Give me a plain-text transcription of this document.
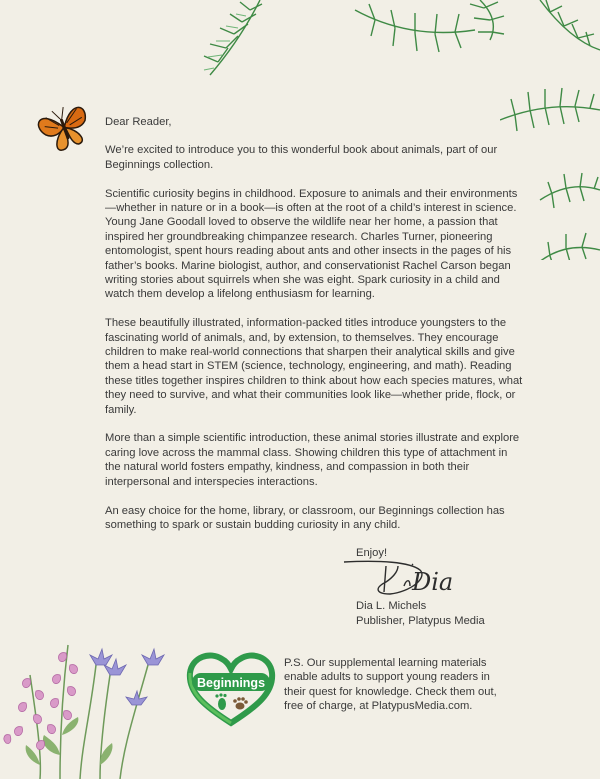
Dear Reader,

We’re excited to introduce you to this wonderful book about animals, part of our Beginnings collection.

Scientific curiosity begins in childhood. Exposure to animals and their environments—whether in nature or in a book—is often at the root of a child’s interest in science. Young Jane Goodall loved to observe the wildlife near her home, a passion that inspired her groundbreaking chimpanzee research. Charles Turner, pioneering entomologist, spent hours reading about ants and other insects in the pages of his father’s books. Marine biologist, author, and conservationist Rachel Carson began writing stories about squirrels when she was eight. Spark curiosity in a child and watch them develop a lifelong enthusiasm for learning.

These beautifully illustrated, information-packed titles introduce youngsters to the fascinating world of animals, and, by extension, to themselves. They encourage children to make real-world connections that sharpen their analytical skills and give them a head start in STEM (science, technology, engineering, and math). Reading these titles together inspires children to think about how each species matures, what they need to survive, and what their communities look like—whether pride, flock, or family.

More than a simple scientific introduction, these animal stories illustrate and explore caring love across the mammal class. Showing children this type of attachment in the natural world fosters empathy, kindness, and compassion in both their interpersonal and interspecies interactions.

An easy choice for the home, library, or classroom, our Beginnings collection has something to spark or sustain budding curiosity in any child.

Enjoy!
Dia
Dia L. Michels
Publisher, Platypus Media
Beginnings
P.S. Our supplemental learning materials enable adults to support young readers in their quest for knowledge. Check them out, free of charge, at PlatypusMedia.com.
